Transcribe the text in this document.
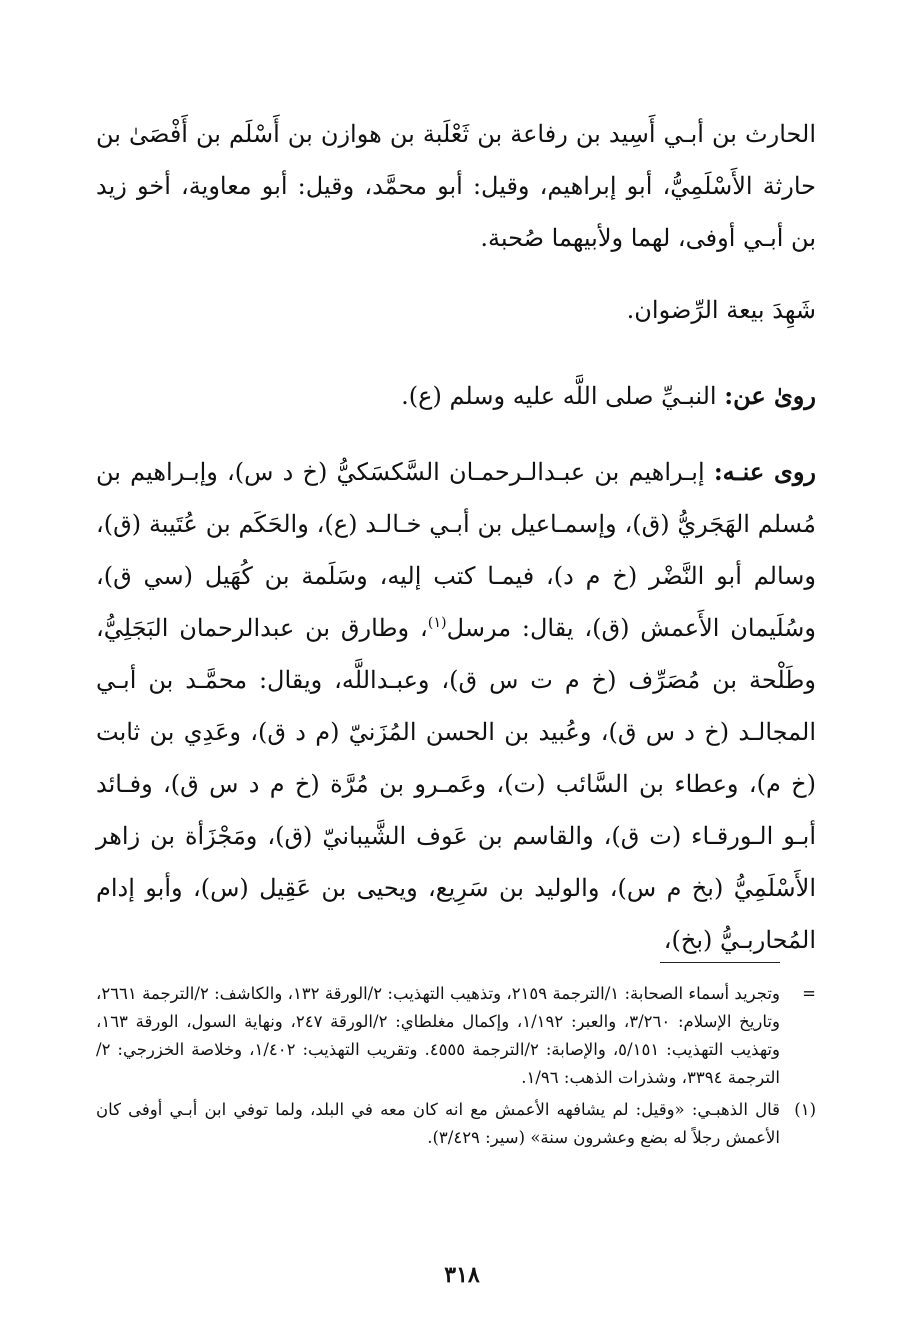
الحارث بن أبـي أَسِيد بن رفاعة بن ثَعْلَبة بن هوازن بن أَسْلَم بن أَفْصَىٰ بن حارثة الأَسْلَمِيُّ، أبو إبراهيم، وقيل: أبو محمَّد، وقيل: أبو معاوية، أخو زيد بن أبـي أوفى، لهما ولأبيهما صُحبة.

شَهِدَ بيعة الرِّضوان.

روىٰ عن: النبـيِّ صلى اللَّه عليه وسلم (ع).

روى عنـه: إبـراهيم بن عبـدالـرحمـان السَّكسَكيُّ (خ د س)، وإبـراهيم بن مُسلم الهَجَريُّ (ق)، وإسمـاعيل بن أبـي خـالـد (ع)، والحَكَم بن عُتَيبة (ق)، وسالم أبو النَّضْر (خ م د)، فيمـا كتب إليه، وسَلَمة بن كُهَيل (سي ق)، وسُلَيمان الأَعمش (ق)، يقال: مرسل$^{(١)}$، وطارق بن عبدالرحمان البَجَلِيُّ، وطَلْحة بن مُصَرِّف (خ م ت س ق)، وعبـداللَّه، ويقال: محمَّـد بن أبـي المجالـد (خ د س ق)، وعُبيد بن الحسن المُزَنيّ (م د ق)، وعَدِي بن ثابت (خ م)، وعطاء بن السَّائب (ت)، وعَمـرو بن مُرَّة (خ م د س ق)، وفـائد أبـو الـورقـاء (ت ق)، والقاسم بن عَوف الشَّيبانيّ (ق)، ومَجْزَأة بن زاهر الأَسْلَمِيُّ (بخ م س)، والوليد بن سَرِيع، ويحيى بن عَقِيل (س)، وأبو إدام المُحاربـيُّ (بخ)،

=
وتجريد أسماء الصحابة: ١/الترجمة ٢١٥٩، وتذهيب التهذيب: ٢/الورقة ١٣٢، والكاشف: ٢/الترجمة ٢٦٦١، وتاريخ الإسلام: ٣/٢٦٠، والعبر: ١/١٩٢، وإكمال مغلطاي: ٢/الورقة ٢٤٧، ونهاية السول، الورقة ١٦٣، وتهذيب التهذيب: ٥/١٥١، والإصابة: ٢/الترجمة ٤٥٥٥. وتقريب التهذيب: ١/٤٠٢، وخلاصة الخزرجي: ٢/الترجمة ٣٣٩٤، وشذرات الذهب: ١/٩٦.
(١)
قال الذهبـي: «وقيل: لم يشافهه الأعمش مع انه كان معه في البلد، ولما توفي ابن أبـي أوفى كان الأعمش رجلاً له بضع وعشرون سنة» (سير: ٣/٤٢٩).
٣١٨
